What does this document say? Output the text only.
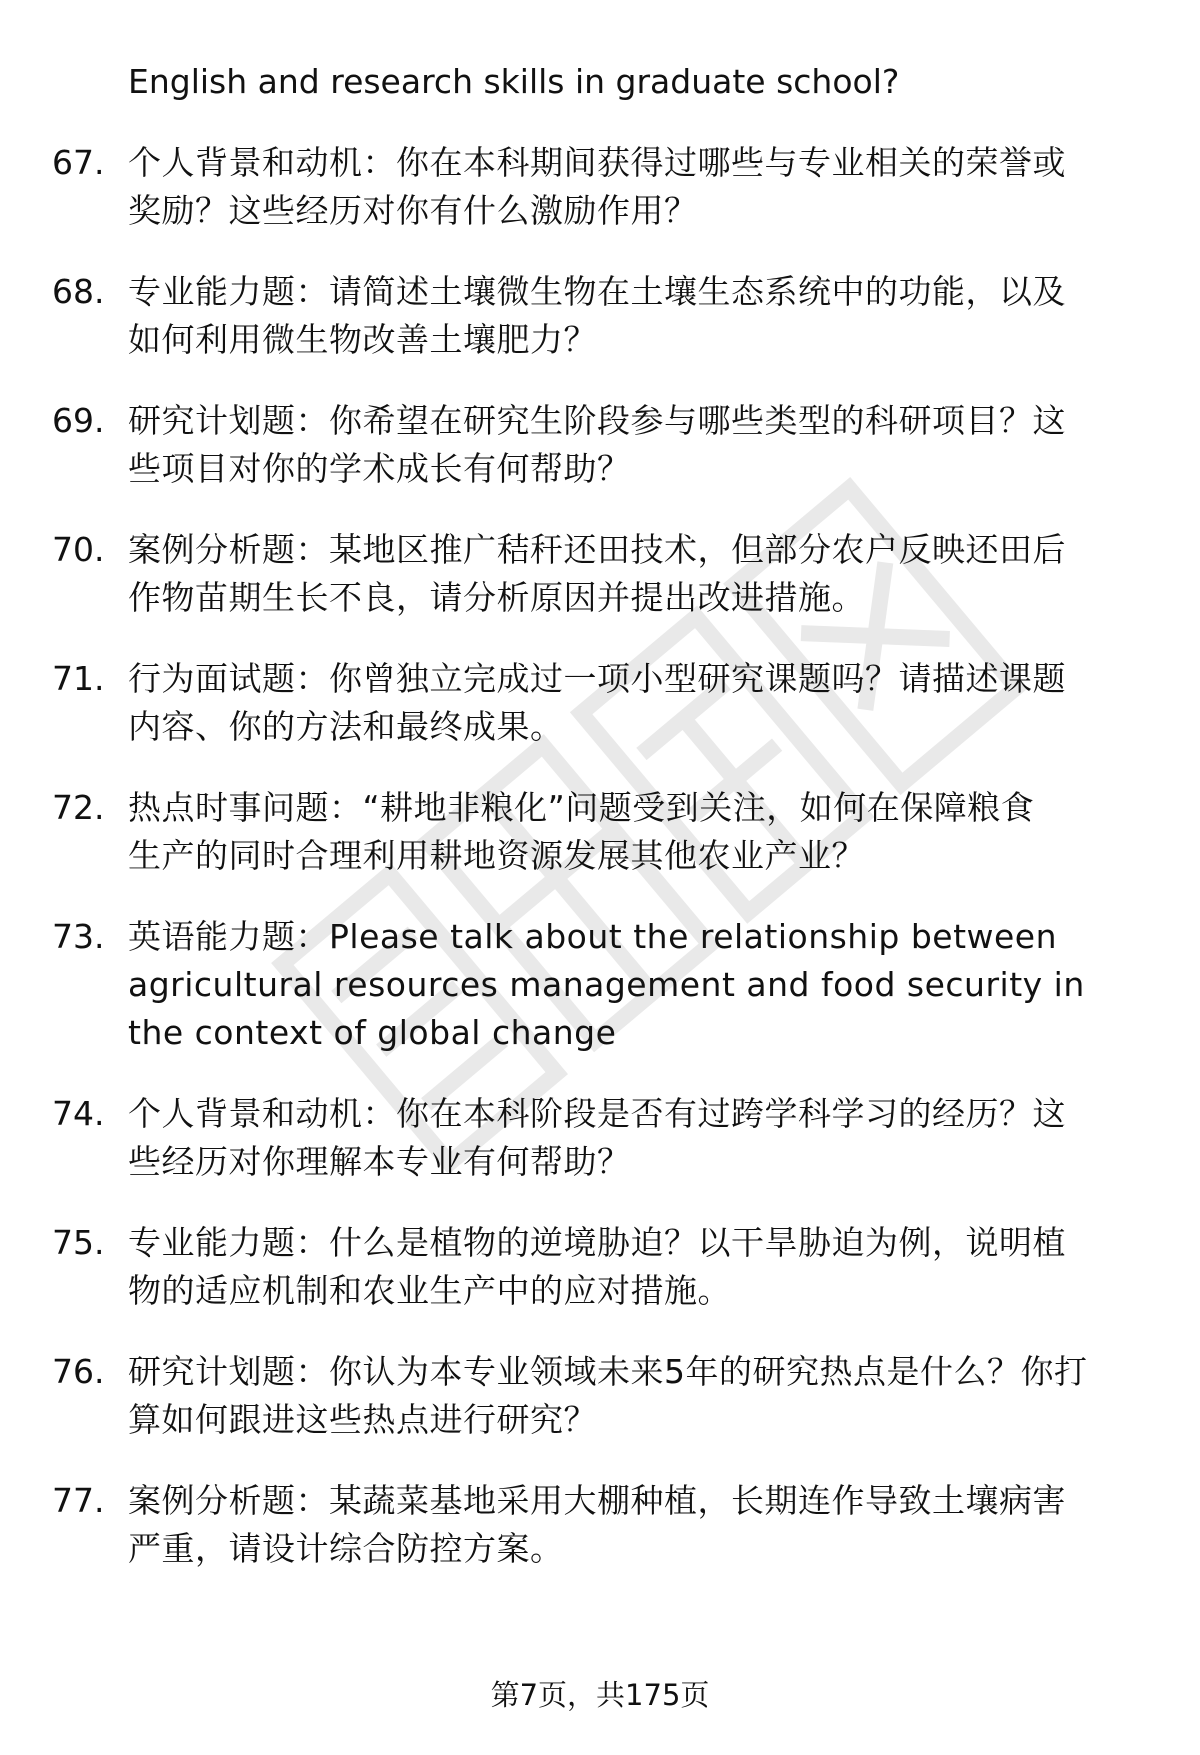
English and research skills in graduate school?
67. 个人背景和动机：你在本科期间获得过哪些与专业相关的荣誉或
奖励？这些经历对你有什么激励作用？
68. 专业能力题：请简述土壤微生物在土壤生态系统中的功能，以及
如何利用微生物改善土壤肥力？
69. 研究计划题：你希望在研究生阶段参与哪些类型的科研项目？这
些项目对你的学术成长有何帮助？
70. 案例分析题：某地区推广秸秆还田技术，但部分农户反映还田后
作物苗期生长不良，请分析原因并提出改进措施。
71. 行为面试题：你曾独立完成过一项小型研究课题吗？请描述课题
内容、你的方法和最终成果。
72. 热点时事问题：“耕地非粮化”问题受到关注，如何在保障粮食
生产的同时合理利用耕地资源发展其他农业产业？
73. 英语能力题：Please talk about the relationship between
agricultural resources management and food security in
the context of global change
74. 个人背景和动机：你在本科阶段是否有过跨学科学习的经历？这
些经历对你理解本专业有何帮助？
75. 专业能力题：什么是植物的逆境胁迫？以干旱胁迫为例，说明植
物的适应机制和农业生产中的应对措施。
76. 研究计划题：你认为本专业领域未来5年的研究热点是什么？你打
算如何跟进这些热点进行研究？
77. 案例分析题：某蔬菜基地采用大棚种植，长期连作导致土壤病害
严重，请设计综合防控方案。
第7页，共175页
